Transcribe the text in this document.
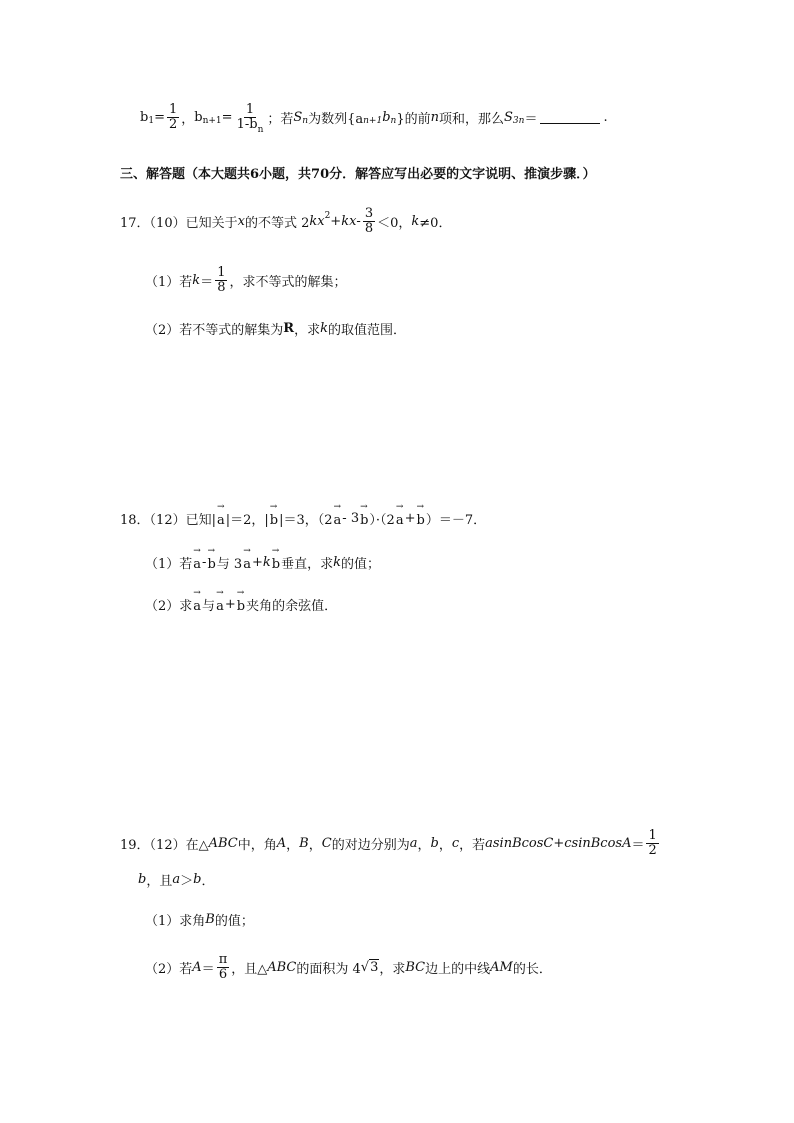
b $1 = \frac{1}{2}$ ， b $n+1 = \frac{1}{1-b_n}$ ；若 S n 为数列{a n+1 b n }的前 n 项和，那么 S 3n ＝	.
三、解答题（本大题共6小题，共70分．解答应写出必要的文字说明、推演步骤．）
17．（10）已知关于 x 的不等式 2 kx 2 + kx - $\frac{3}{8} <0$， k ≠0．
（1）若 $k = \frac{1}{8}$ ，求不等式的解集；
（2）若不等式的解集为 R ，求 k 的取值范围．
18．（12）已知| → a |＝2，| → b |＝3，（2 → a - 3 → b ）·（2 → a + → b ）＝－7．
（1）若 → a - → b 与 3 → a + k → b 垂直，求 k 的值；
（2）求 → a 与 → a + → b 夹角的余弦值．
19．（12）在△ ABC 中，角 A ， B ， C 的对边分别为 a ， b ， c ，若 asinBcosC+csinBcosA ＝ $\frac{1}{2}$
b ，且 a ＞ b ．
（1）求角 B 的值；
（2）若 $A = \frac{\pi}{6}$ ，且△ ABC 的面积为 4 √ 3 ，求 BC 边上的中线 AM 的长．
